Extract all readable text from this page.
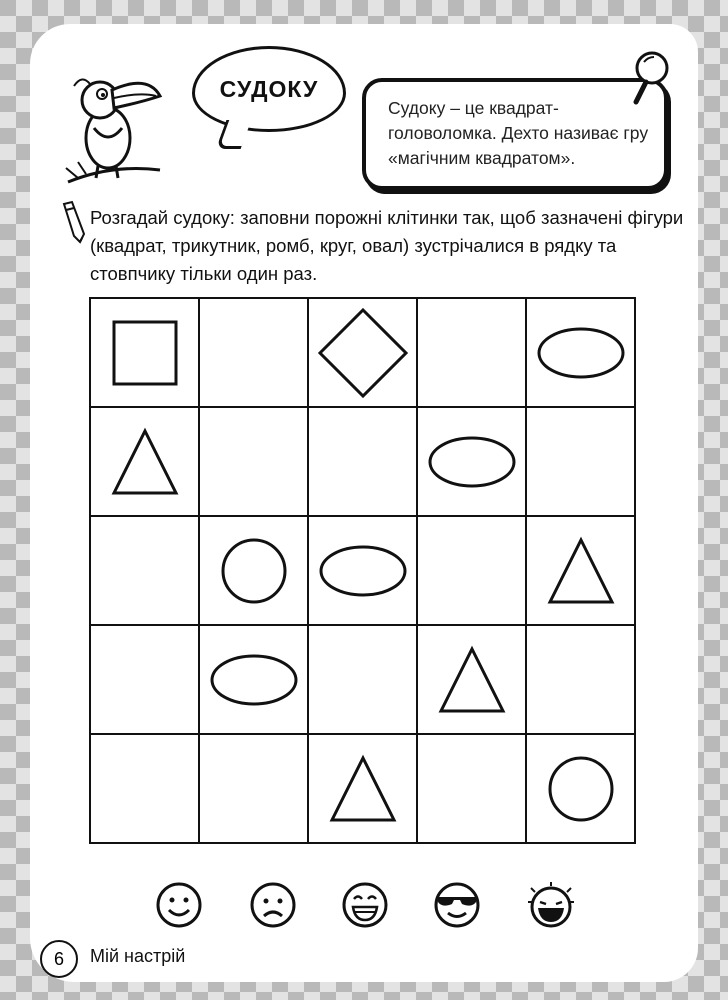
СУДОКУ
Судоку – це квадрат-головоломка. Дехто називає гру «магічним квадратом».
Розгадай судоку: заповни порожні клітинки так, щоб зазначені фігури (квадрат, трикутник, ромб, круг, овал) зустрічалися в рядку та стовпчику тільки один раз.
6 Мій настрій
